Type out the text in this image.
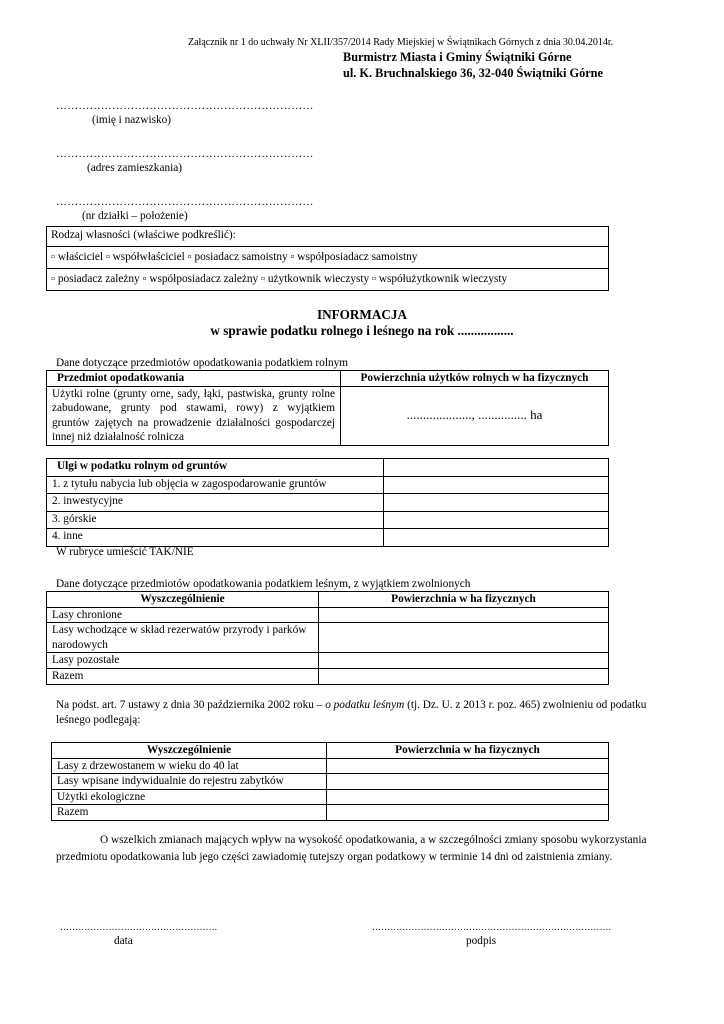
Załącznik nr 1 do uchwały Nr XLII/357/2014 Rady Miejskiej w Świątnikach Górnych z dnia 30.04.2014r.
Burmistrz Miasta i Gminy Świątniki Górne
ul. K. Bruchnalskiego 36, 32-040 Świątniki Górne
……………………………………………………………
(imię i nazwisko)
……………………………………………………………
(adres zamieszkania)
……………………………………………………………
(nr działki – położenie)
Rodzaj własności (właściwe podkreślić):
▫ właściciel ▫ współwłaściciel ▫ posiadacz samoistny ▫ współposiadacz samoistny
▫ posiadacz zależny ▫ współposiadacz zależny ▫ użytkownik wieczysty ▫ współużytkownik wieczysty
INFORMACJA
w sprawie podatku rolnego i leśnego na rok .................
Dane dotyczące przedmiotów opodatkowania podatkiem rolnym
Przedmiot opodatkowania	Powierzchnia użytków rolnych w ha fizycznych
Użytki rolne (grunty orne, sady, łąki, pastwiska, grunty rolne zabudowane, grunty pod stawami, rowy) z wyjątkiem gruntów zajętych na prowadzenie działalności gospodarczej innej niż działalność rolnicza	...................., ............... ha
Ulgi w podatku rolnym od gruntów	
1. z tytułu nabycia lub objęcia w zagospodarowanie gruntów	
2. inwestycyjne	
3. górskie	
4. inne	
W rubryce umieścić TAK/NIE
Dane dotyczące przedmiotów opodatkowania podatkiem leśnym, z wyjątkiem zwolnionych
Wyszczególnienie	Powierzchnia w ha fizycznych
Lasy chronione	
Lasy wchodzące w skład rezerwatów przyrody i parków narodowych	
Lasy pozostałe	
Razem	
Na podst. art. 7 ustawy z dnia 30 października 2002 roku – o podatku leśnym (tj. Dz. U. z 2013 r. poz. 465) zwolnieniu od podatku leśnego podlegają:
Wyszczególnienie	Powierzchnia w ha fizycznych
Lasy z drzewostanem w wieku do 40 lat	
Lasy wpisane indywidualnie do rejestru zabytków	
Użytki ekologiczne	
Razem	
O wszelkich zmianach mających wpływ na wysokość opodatkowania, a w szczególności zmiany sposobu wykorzystania przedmiotu opodatkowania lub jego części zawiadomię tutejszy organ podatkowy w terminie 14 dni od zaistnienia zmiany.
…………………………………………….
data
…………………………………………………………………….
podpis
